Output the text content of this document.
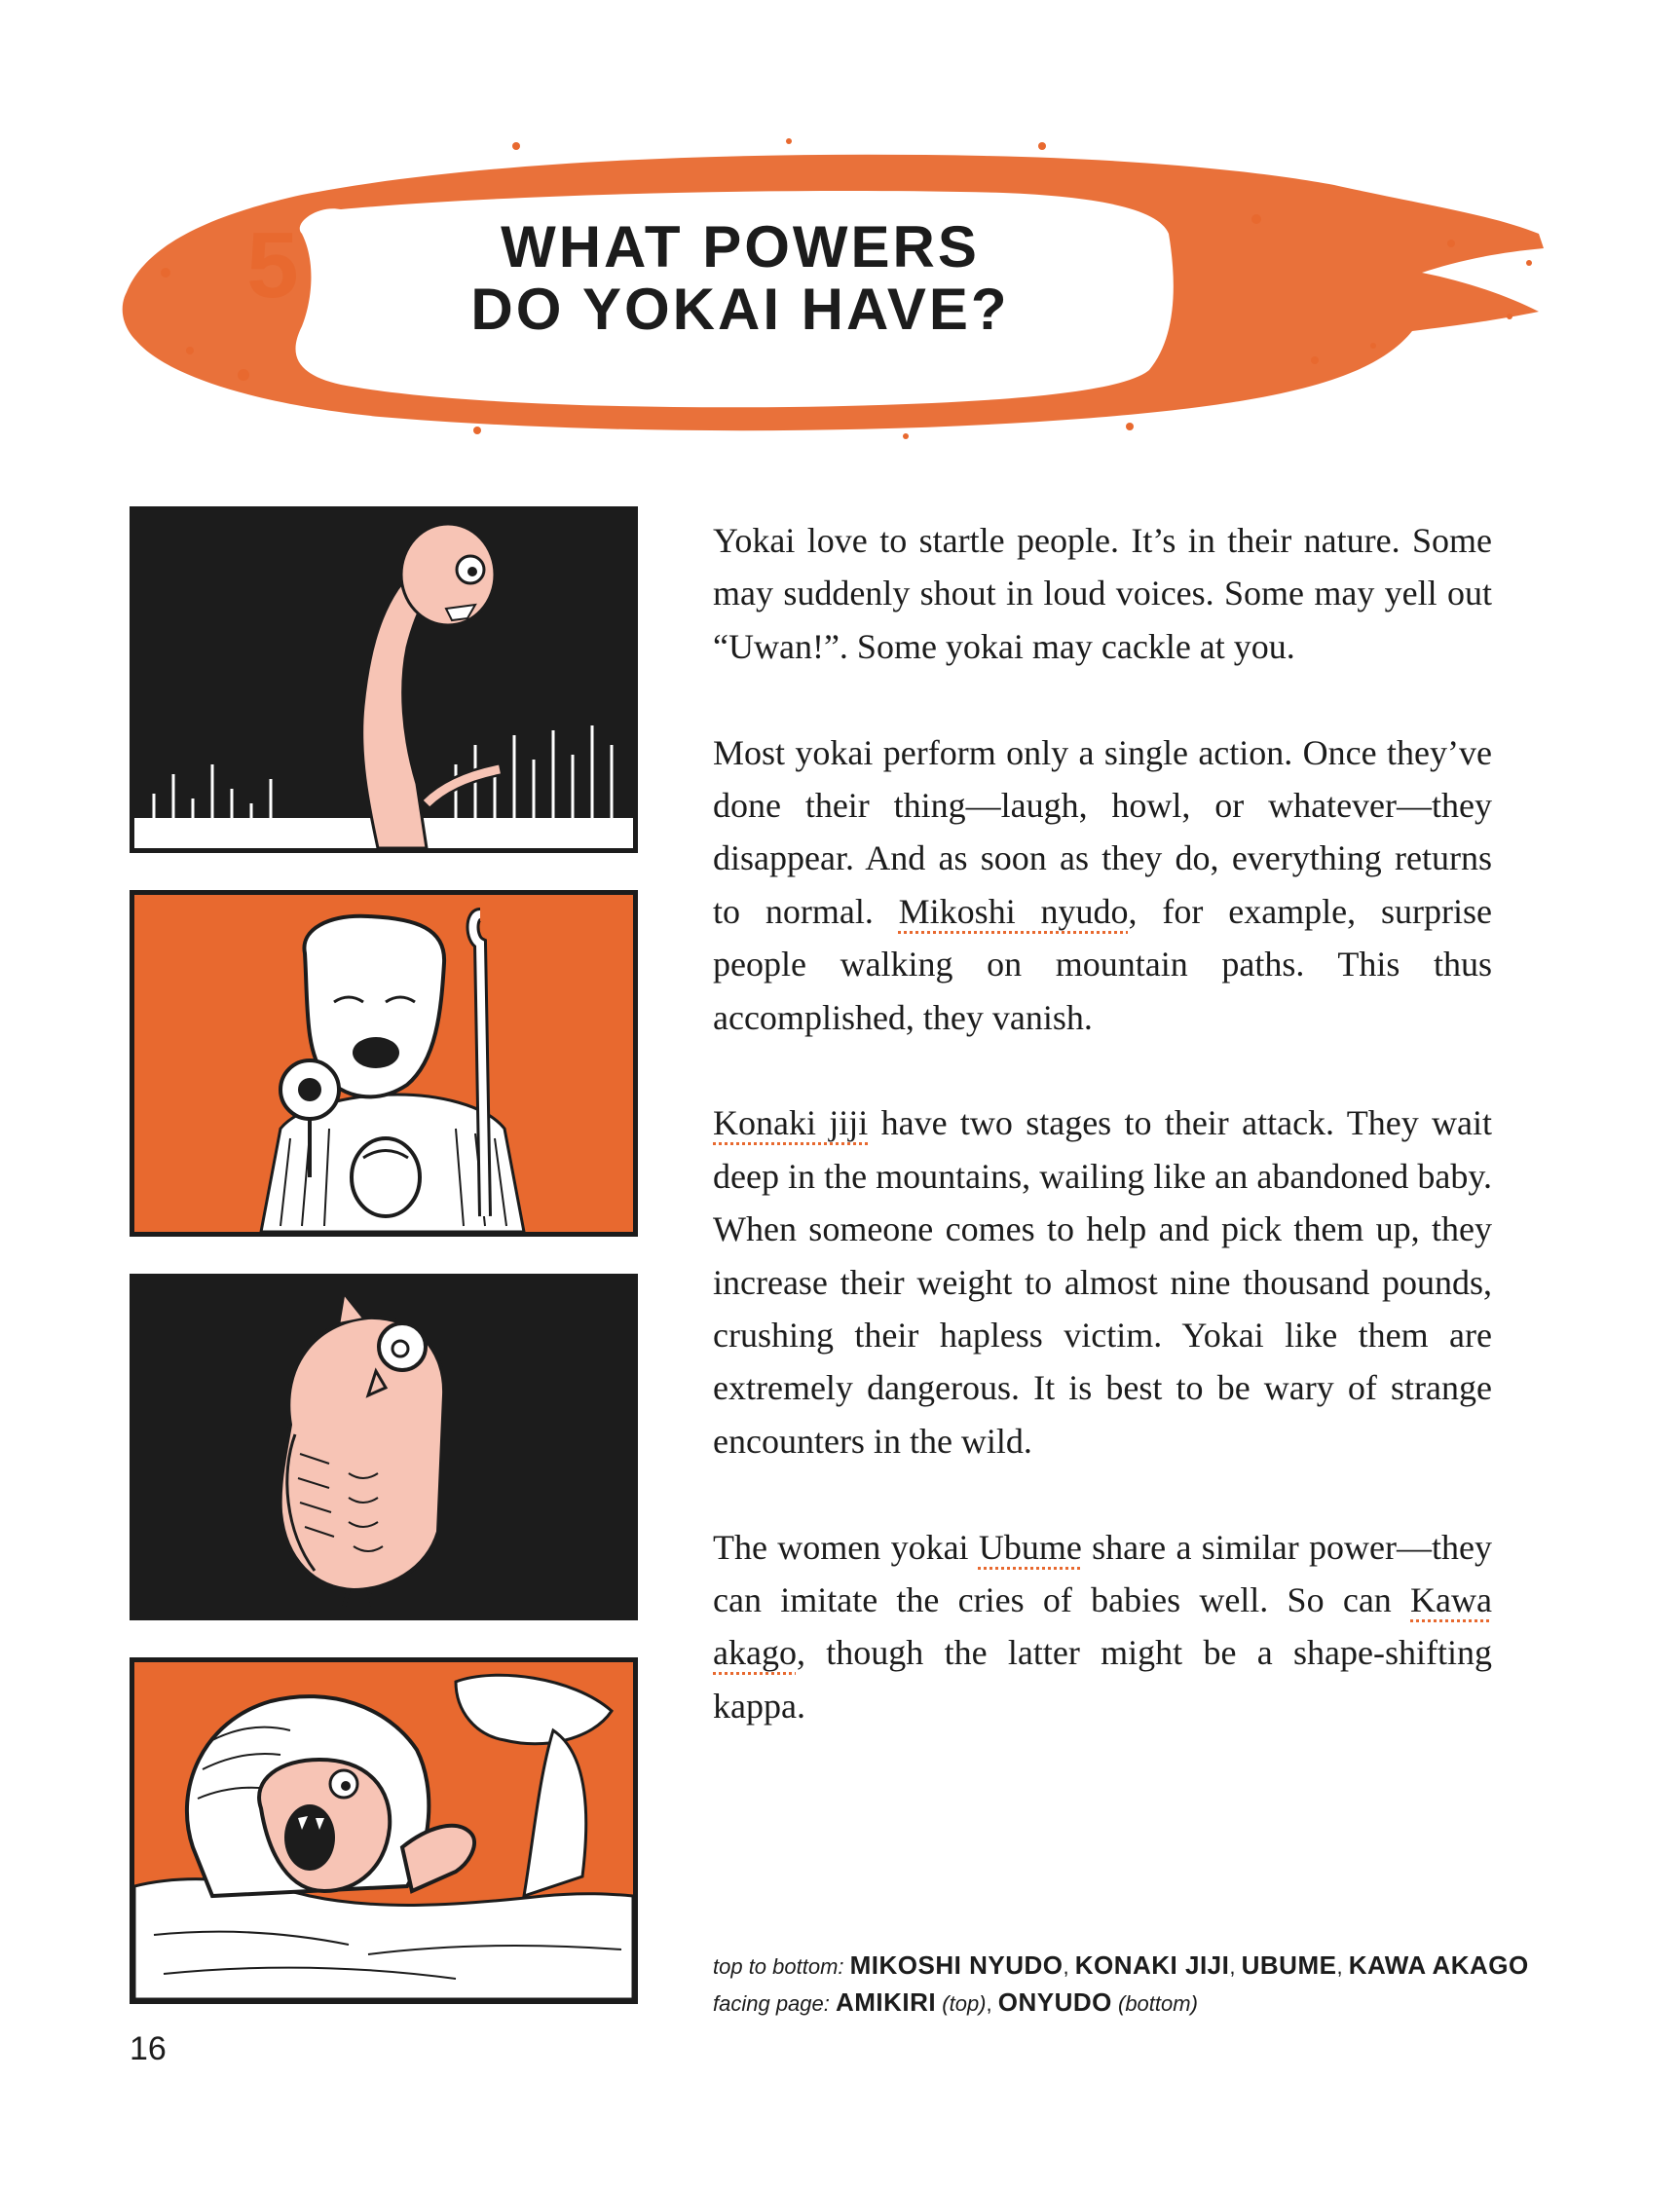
5	WHAT POWERS
DO YOKAI HAVE?

Yokai love to startle people. It’s in their nature. Some may suddenly shout in loud voices. Some may yell out “Uwan!”. Some yokai may cackle at you.

Most yokai perform only a single action. Once they’ve done their thing—laugh, howl, or whatever—they disappear. And as soon as they do, everything returns to normal. Mikoshi nyudo, for example, surprise people walking on mountain paths. This thus accomplished, they vanish.

Konaki jiji have two stages to their attack. They wait deep in the mountains, wailing like an abandoned baby. When someone comes to help and pick them up, they increase their weight to almost nine thousand pounds, crushing their hapless victim. Yokai like them are extremely dangerous. It is best to be wary of strange encounters in the wild.

The women yokai Ubume share a similar power—they can imitate the cries of babies well. So can Kawa akago, though the latter might be a shape-shifting kappa.

top to bottom: MIKOSHI NYUDO, KONAKI JIJI, UBUME, KAWA AKAGO
facing page: AMIKIRI (top), ONYUDO (bottom)
16
